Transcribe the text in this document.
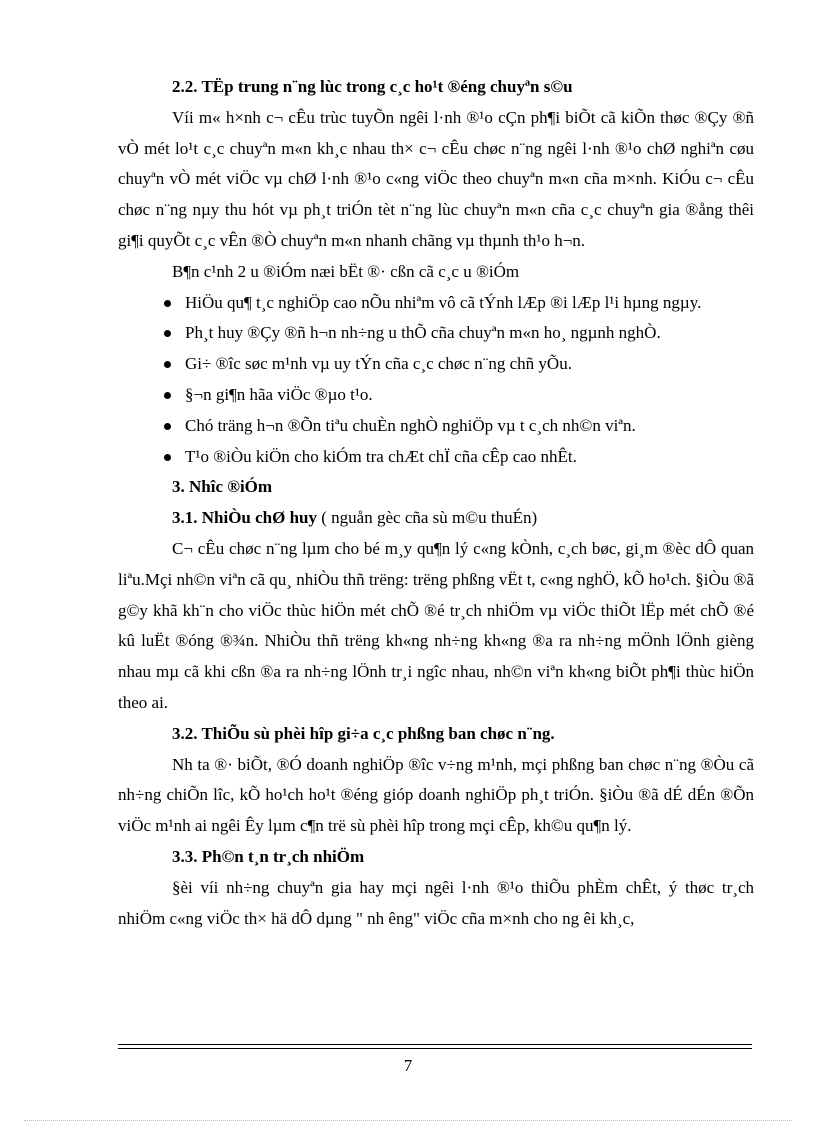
2.2. TËp trung n¨ng lùc trong c¸c ho¹t ®éng chuyªn s©u

Víi m« h×nh c¬ cÊu trùc tuyÕn ngêi l·nh ®¹o cÇn ph¶i biÕt cã kiÕn thøc ®Çy ®ñ vÒ mét lo¹t c¸c chuyªn m«n kh¸c nhau th× c¬ cÊu chøc n¨ng ngêi l·nh ®¹o chØ nghiªn cøu chuyªn vÒ mét viÖc vµ chØ l·nh ®¹o c«ng viÖc theo chuyªn m«n cña m×nh. KiÓu c¬ cÊu chøc n¨ng nµy thu hót vµ ph¸t triÓn tèt n¨ng lùc chuyªn m«n cña c¸c chuyªn gia ®ång thêi gi¶i quyÕt c¸c vÊn ®Ò chuyªn m«n nhanh chãng vµ thµnh th¹o h¬n.

B¶n c¹nh 2 u ®iÓm næi bËt ®· cßn cã c¸c u ®iÓm

HiÖu qu¶ t¸c nghiÖp cao nÕu nhiªm vô cã tÝnh lÆp ®i lÆp l¹i hµng ngµy.
Ph¸t huy ®Çy ®ñ h¬n nh÷ng u thÕ cña chuyªn m«n ho¸ ngµnh nghÒ.
Gi÷ ®îc søc m¹nh vµ uy tÝn cña c¸c chøc n¨ng chñ yÕu.
§¬n gi¶n hãa viÖc ®µo t¹o.
Chó träng h¬n ®Õn tiªu chuÈn nghÒ nghiÖp vµ t c¸ch nh©n viªn.
T¹o ®iÒu kiÖn cho kiÓm tra chÆt chÏ cña cÊp cao nhÊt.

3. Nhîc ®iÓm

3.1. NhiÒu chØ huy ( nguån gèc cña sù m©u thuÉn)

C¬ cÊu chøc n¨ng lµm cho bé m¸y qu¶n lý c«ng kÒnh, c¸ch bøc, gi¸m ®èc dÔ quan liªu.Mçi nh©n viªn cã qu¸ nhiÒu thñ trëng: trëng phßng vËt t, c«ng nghÖ, kÕ ho¹ch. §iÒu ®ã g©y khã kh¨n cho viÖc thùc hiÖn mét chÕ ®é tr¸ch nhiÖm vµ viÖc thiÕt lËp mét chÕ ®é kû luËt ®óng ®¾n. NhiÒu thñ trëng kh«ng nh÷ng kh«ng ®a ra nh÷ng mÖnh lÖnh gièng nhau mµ cã khi cßn ®a ra nh÷ng lÖnh tr¸i ngîc nhau, nh©n viªn kh«ng biÕt ph¶i thùc hiÖn theo ai.

3.2. ThiÕu sù phèi hîp gi÷a c¸c phßng ban chøc n¨ng.

Nh ta ®· biÕt, ®Ó doanh nghiÖp ®îc v÷ng m¹nh, mçi phßng ban chøc n¨ng ®Òu cã nh÷ng chiÕn lîc, kÕ ho¹ch ho¹t ®éng gióp doanh nghiÖp ph¸t triÓn. §iÒu ®ã dÉ dÉn ®Õn viÖc m¹nh ai ngêi Êy lµm c¶n trë sù phèi hîp trong mçi cÊp, kh©u qu¶n lý.

3.3. Ph©n t¸n tr¸ch nhiÖm

§èi víi nh÷ng chuyªn gia hay mçi ngêi l·nh ®¹o thiÕu phÈm chÊt, ý thøc tr¸ch nhiÖm c«ng viÖc th× hä dÔ dµng " nh êng" viÖc cña m×nh cho ng êi kh¸c,

7
